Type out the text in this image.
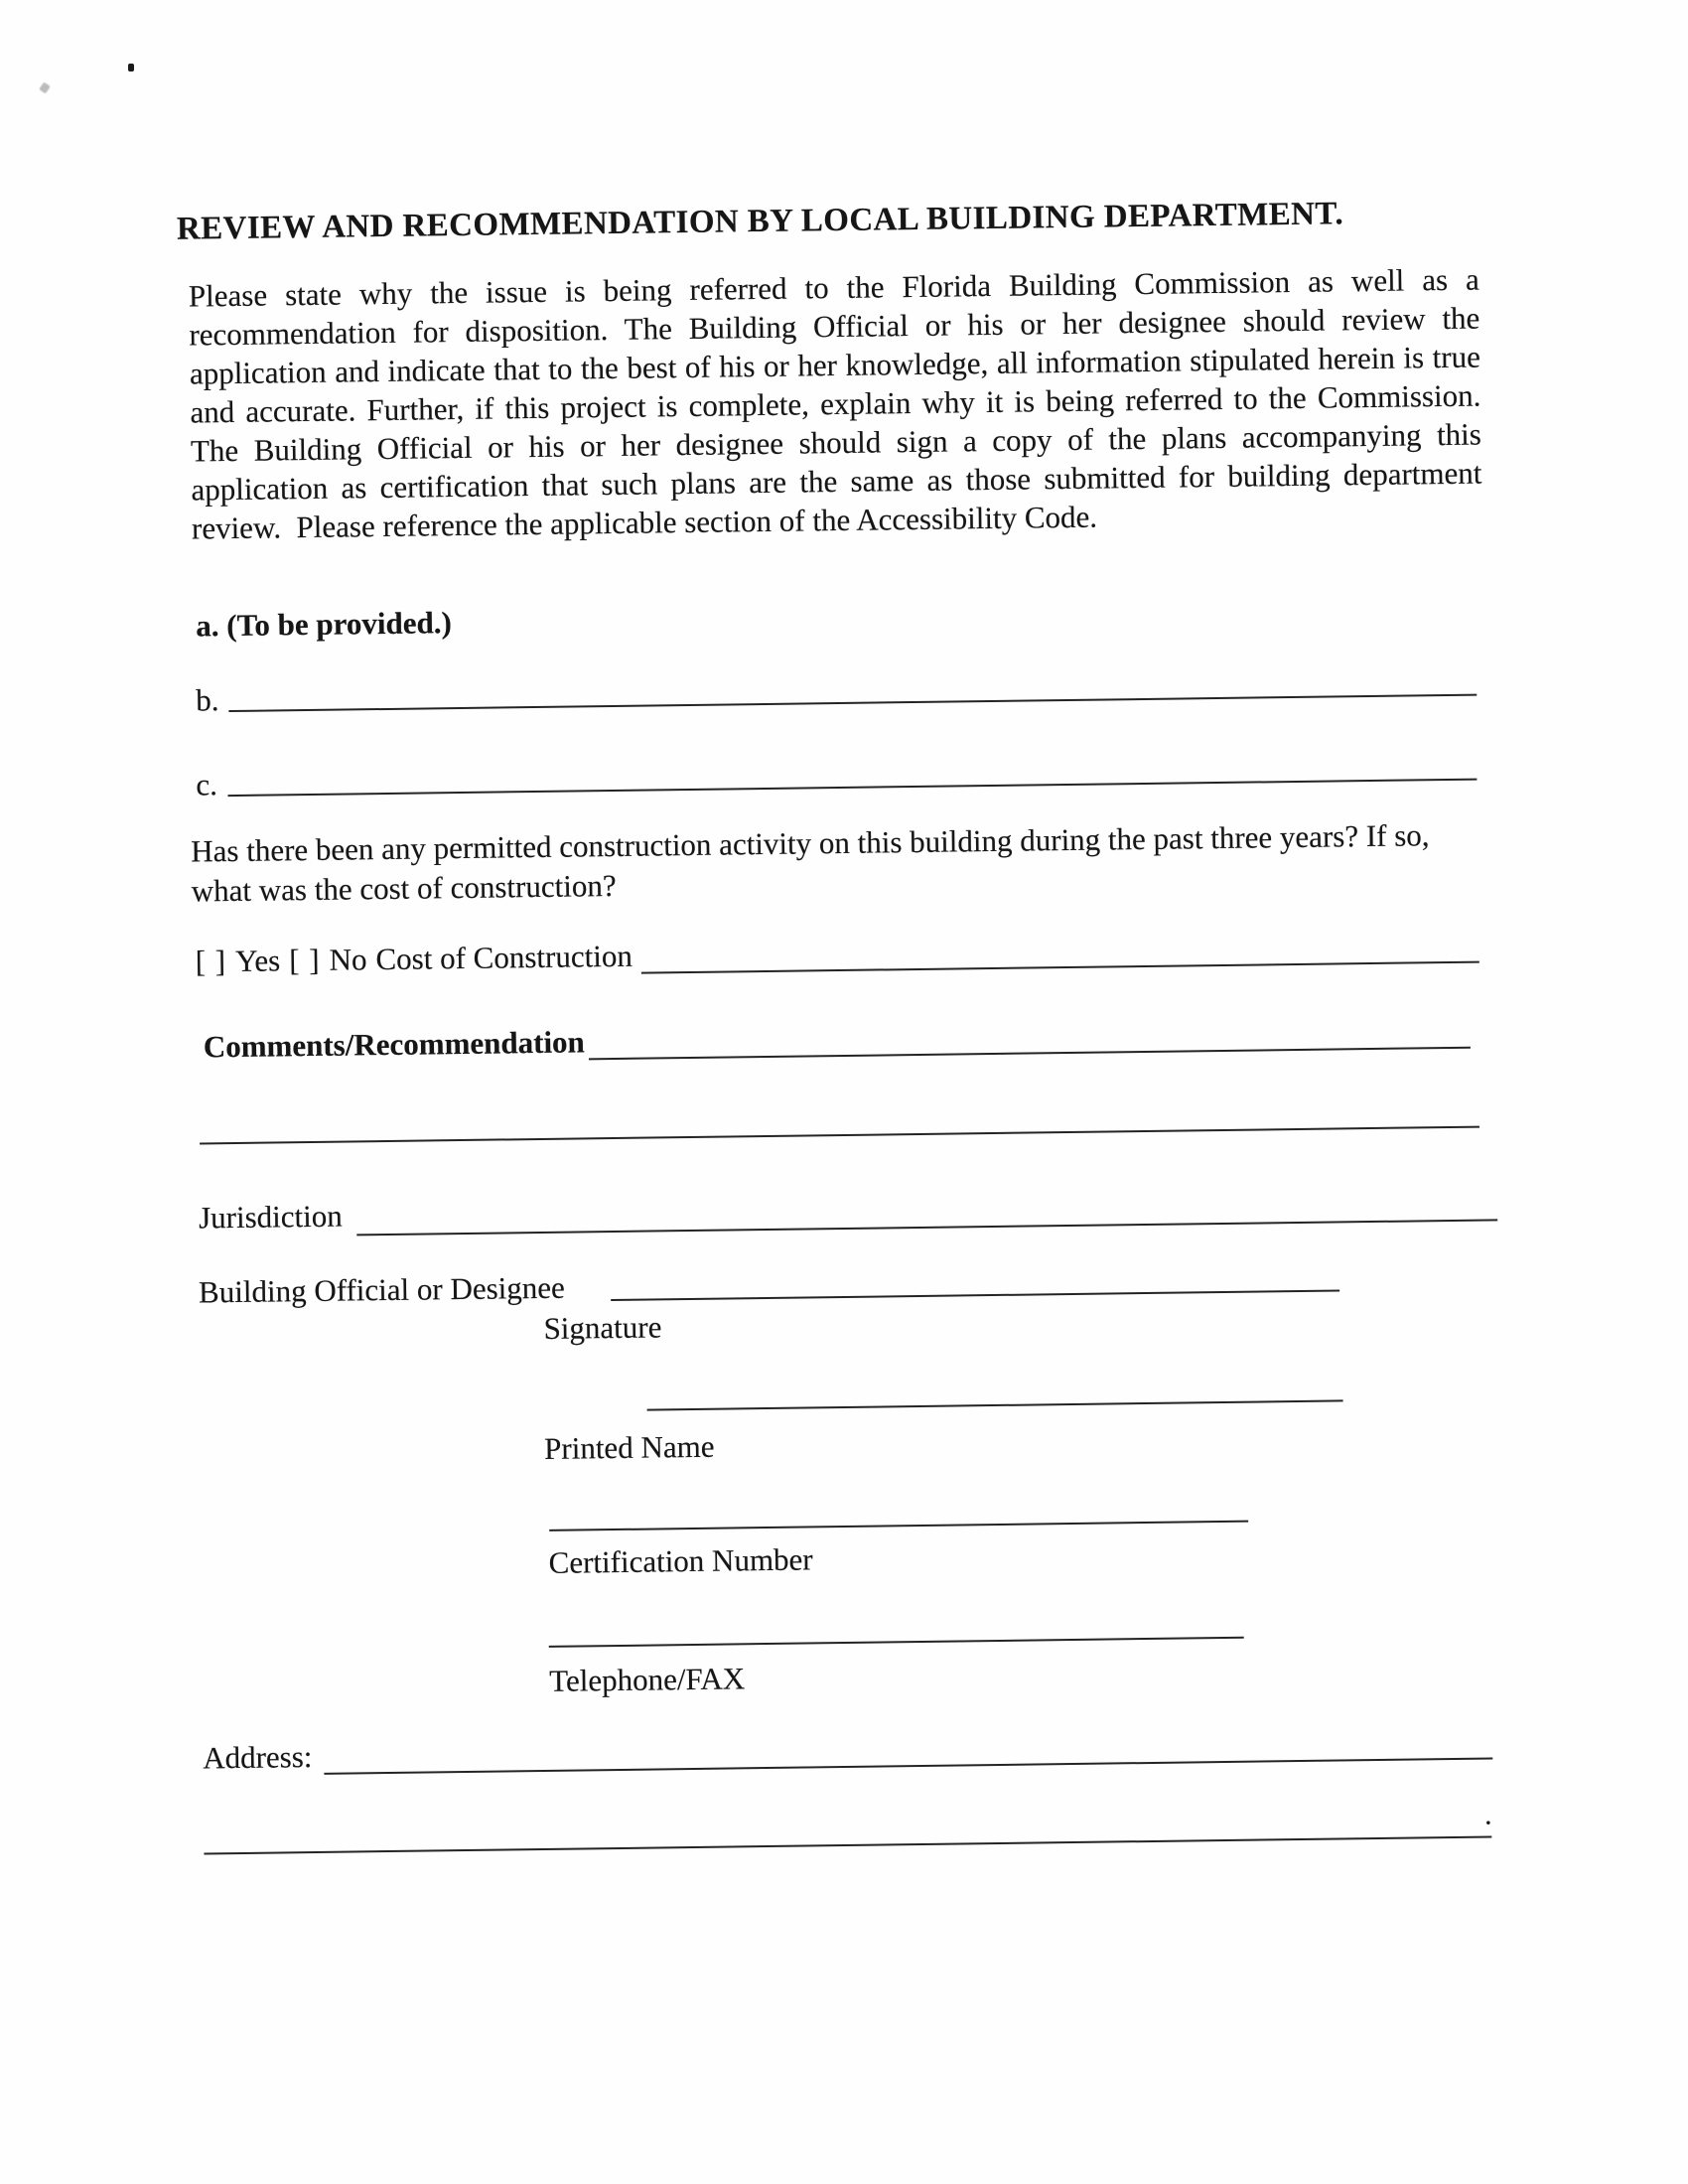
REVIEW AND RECOMMENDATION BY LOCAL BUILDING DEPARTMENT.
Please state why the issue is being referred to the Florida Building Commission as well as a recommendation for disposition. The Building Official or his or her designee should review the application and indicate that to the best of his or her knowledge, all information stipulated herein is true and accurate. Further, if this project is complete, explain why it is being referred to the Commission. The Building Official or his or her designee should sign a copy of the plans accompanying this application as certification that such plans are the same as those submitted for building department review.  Please reference the applicable section of the Accessibility Code.
a. (To be provided.)
b.
c.
Has there been any permitted construction activity on this building during the past three years? If so, what was the cost of construction?
[ ] Yes [ ] No Cost of Construction
Comments/Recommendation
Jurisdiction
Building Official or Designee
Signature
Printed Name
Certification Number
Telephone/FAX
Address:
.
